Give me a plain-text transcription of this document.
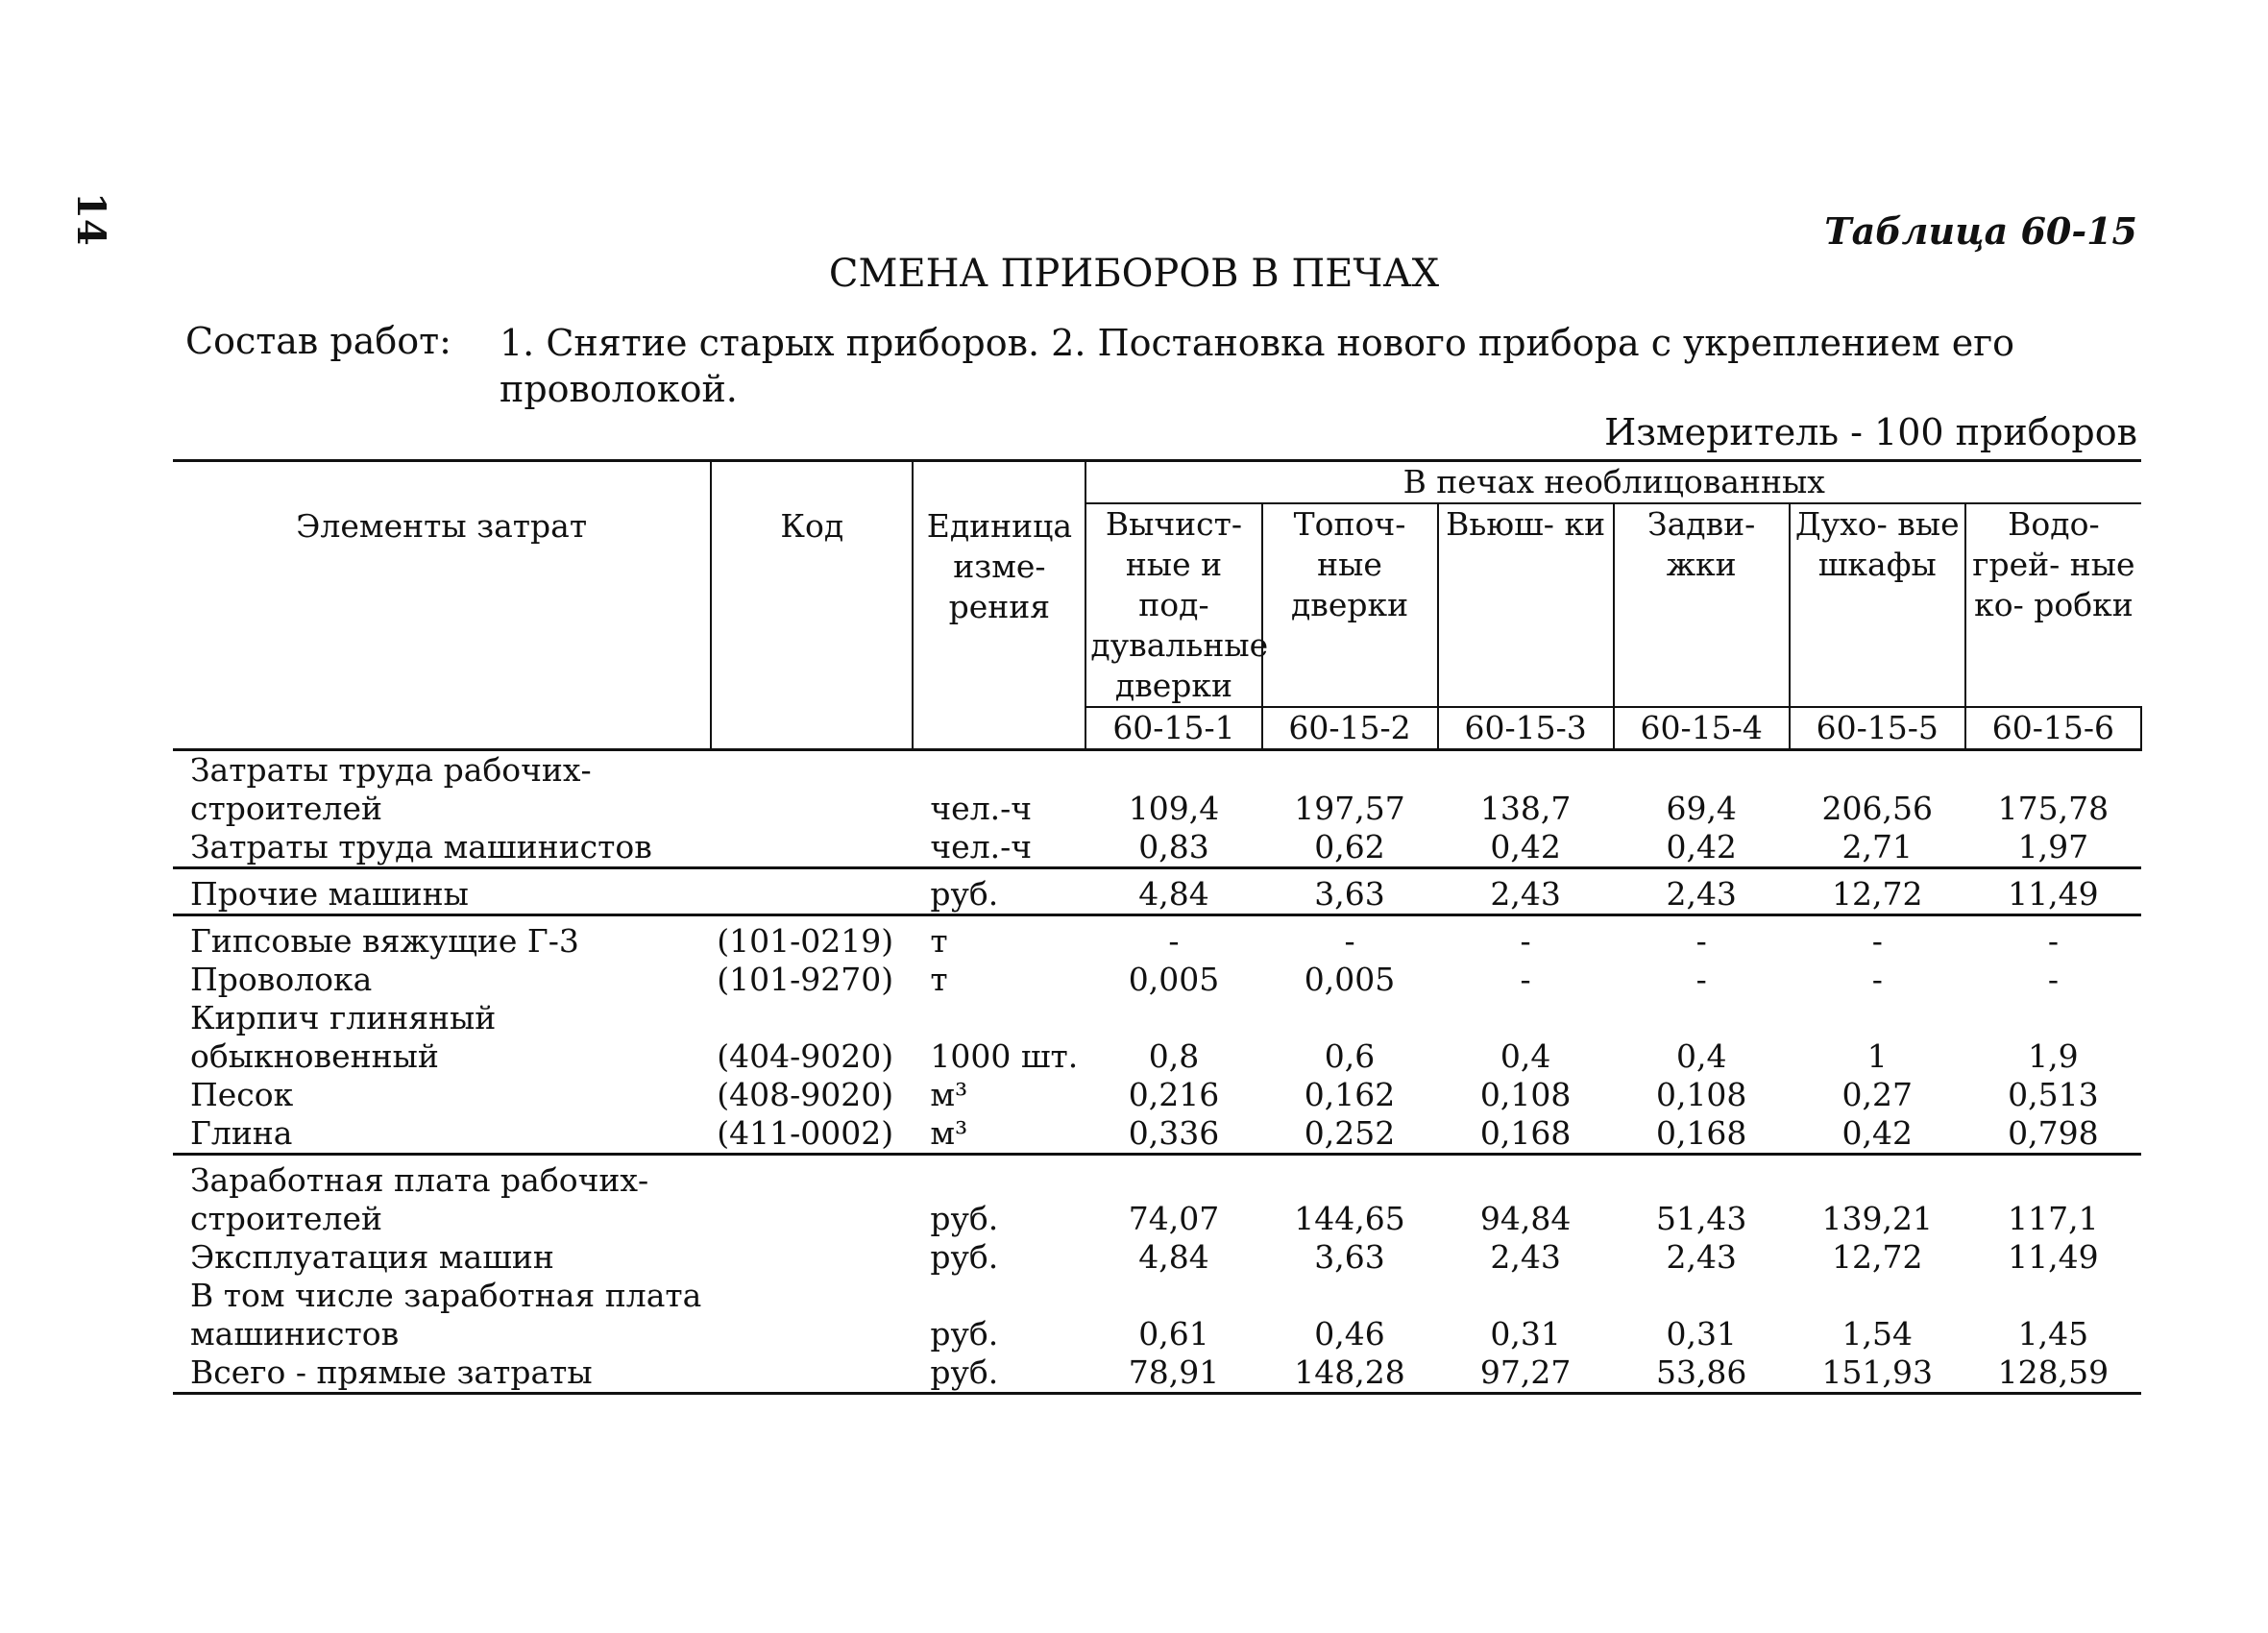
14	Таблица 60-15
СМЕНА ПРИБОРОВ В ПЕЧАХ
Состав работ: 1. Снятие старых приборов. 2. Постановка нового прибора с укреплением его проволокой.
Измеритель - 100 приборов
Элементы затрат	Код	Единица изме- рения	В печах необлицованных					
			Вычист- ные и под- дувальные дверки	Топоч- ные дверки	Вьюш- ки	Задви- жки	Духо- вые шкафы	Водо- грей- ные ко- робки
			60-15-1	60-15-2	60-15-3	60-15-4	60-15-5	60-15-6
Затраты труда рабочих-строителей		чел.-ч	109,4	197,57	138,7	69,4	206,56	175,78
Затраты труда машинистов		чел.-ч	0,83	0,62	0,42	0,42	2,71	1,97
Прочие машины		руб.	4,84	3,63	2,43	2,43	12,72	11,49
Гипсовые вяжущие Г-3	(101-0219)	т	-	-	-	-	-	-
Проволока	(101-9270)	т	0,005	0,005	-	-	-	-
Кирпич глиняный обыкновенный	(404-9020)	1000 шт.	0,8	0,6	0,4	0,4	1	1,9
Песок	(408-9020)	м³	0,216	0,162	0,108	0,108	0,27	0,513
Глина	(411-0002)	м³	0,336	0,252	0,168	0,168	0,42	0,798
Заработная плата рабочих-строителей		руб.	74,07	144,65	94,84	51,43	139,21	117,1
Эксплуатация машин		руб.	4,84	3,63	2,43	2,43	12,72	11,49
В том числе заработная плата машинистов		руб.	0,61	0,46	0,31	0,31	1,54	1,45
Всего - прямые затраты		руб.	78,91	148,28	97,27	53,86	151,93	128,59
